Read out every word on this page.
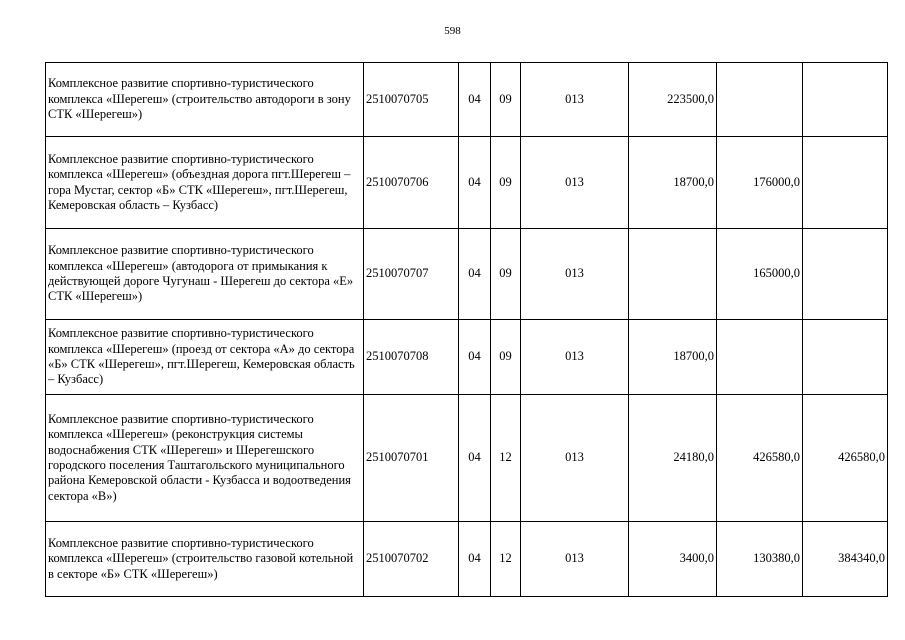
598
Комплексное развитие спортивно-туристического комплекса «Шерегеш» (строительство автодороги в зону СТК «Шерегеш»)	2510070705	04	09	013	223500,0		
Комплексное развитие спортивно-туристического комплекса «Шерегеш» (объездная дорога пгт.Шерегеш – гора Мустаг, сектор «Б» СТК «Шерегеш», пгт.Шерегеш, Кемеровская область – Кузбасс)	2510070706	04	09	013	18700,0	176000,0	
Комплексное развитие спортивно-туристического комплекса «Шерегеш» (автодорога от примыкания к действующей дороге Чугунаш - Шерегеш до сектора «Е» СТК «Шерегеш»)	2510070707	04	09	013		165000,0	
Комплексное развитие спортивно-туристического комплекса «Шерегеш» (проезд от сектора «А» до сектора «Б» СТК «Шерегеш», пгт.Шерегеш, Кемеровская область – Кузбасс)	2510070708	04	09	013	18700,0		
Комплексное развитие спортивно-туристического комплекса «Шерегеш» (реконструкция системы водоснабжения СТК «Шерегеш» и Шерегешского городского поселения Таштагольского муниципального района Кемеровской области - Кузбасса и водоотведения сектора «В»)	2510070701	04	12	013	24180,0	426580,0	426580,0
Комплексное развитие спортивно-туристического комплекса «Шерегеш» (строительство газовой котельной в секторе «Б» СТК «Шерегеш»)	2510070702	04	12	013	3400,0	130380,0	384340,0
